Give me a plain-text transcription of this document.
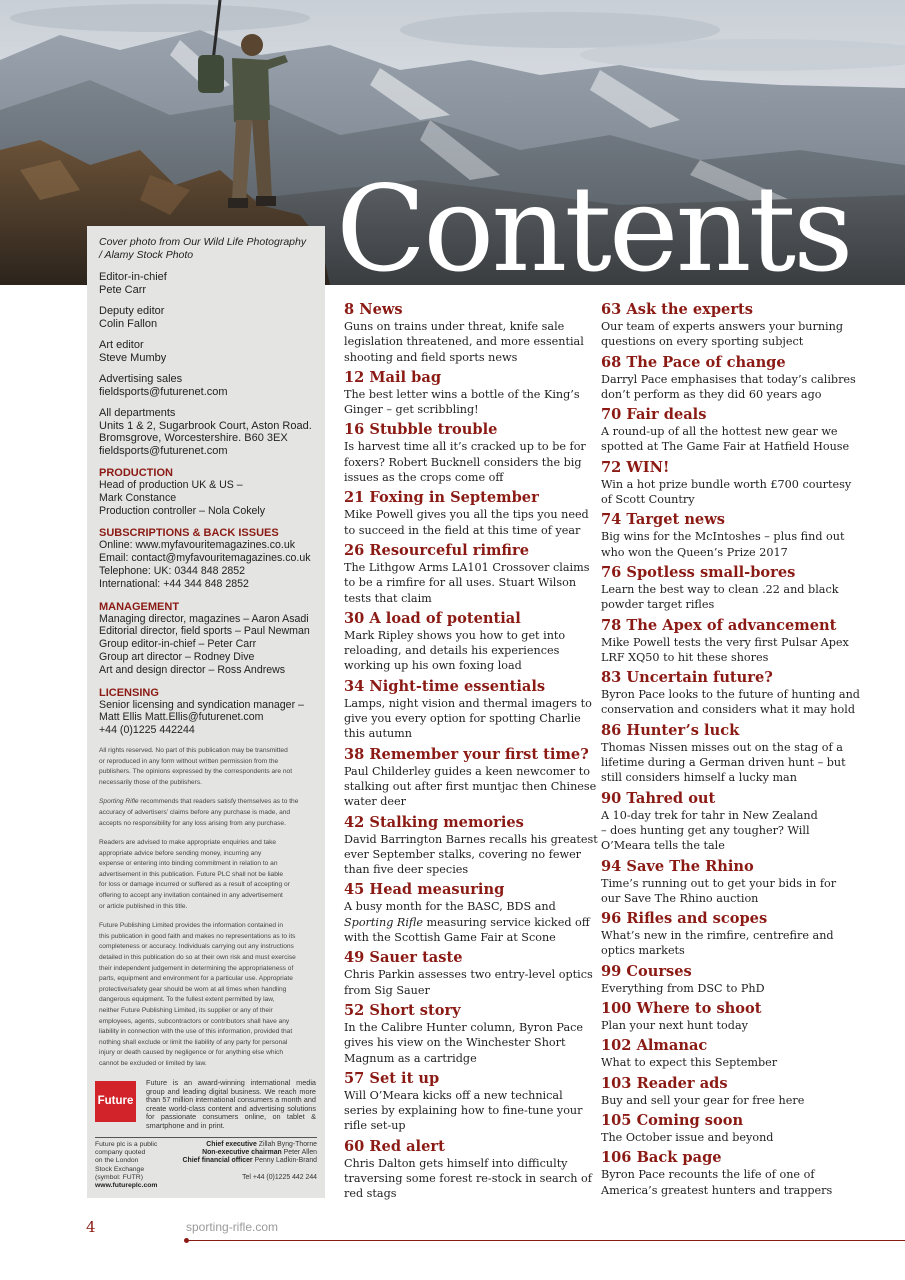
Contents
Cover photo from Our Wild Life Photography
/ Alamy Stock Photo
Editor-in-chief
Pete Carr
Deputy editor
Colin Fallon
Art editor
Steve Mumby
Advertising sales
fieldsports@futurenet.com
All departments
Units 1 & 2, Sugarbrook Court, Aston Road.
Bromsgrove, Worcestershire. B60 3EX
fieldsports@futurenet.com
PRODUCTION
Head of production UK & US –
Mark Constance
Production controller – Nola Cokely
SUBSCRIPTIONS & BACK ISSUES
Online: www.myfavouritemagazines.co.uk
Email: contact@myfavouritemagazines.co.uk
Telephone: UK: 0344 848 2852
International: +44 344 848 2852
MANAGEMENT
Managing director, magazines – Aaron Asadi
Editorial director, field sports – Paul Newman
Group editor-in-chief – Peter Carr
Group art director – Rodney Dive
Art and design director – Ross Andrews
LICENSING
Senior licensing and syndication manager –
Matt Ellis Matt.Ellis@futurenet.com
+44 (0)1225 442244
All rights reserved. No part of this publication may be transmitted
or reproduced in any form without written permission from the
publishers. The opinions expressed by the correspondents are not
necessarily those of the publishers.
Sporting Rifle recommends that readers satisfy themselves as to the
accuracy of advertisers’ claims before any purchase is made, and
accepts no responsibility for any loss arising from any purchase.
Readers are advised to make appropriate enquiries and take
appropriate advice before sending money, incurring any
expense or entering into binding commitment in relation to an
advertisement in this publication. Future PLC shall not be liable
for loss or damage incurred or suffered as a result of accepting or
offering to accept any invitation contained in any advertisement
or article published in this title.
Future Publishing Limited provides the information contained in
this publication in good faith and makes no representations as to its
completeness or accuracy. Individuals carrying out any instructions
detailed in this publication do so at their own risk and must exercise
their independent judgement in determining the appropriateness of
parts, equipment and environment for a particular use. Appropriate
protective/safety gear should be worn at all times when handling
dangerous equipment. To the fullest extent permitted by law,
neither Future Publishing Limited, its supplier or any of their
employees, agents, subcontractors or contributors shall have any
liability in connection with the use of this information, provided that
nothing shall exclude or limit the liability of any party for personal
injury or death caused by negligence or for anything else which
cannot be excluded or limited by law.
Future
Future is an award-winning international media group and leading digital business. We reach more than 57 million international consumers a month and create world-class content and advertising solutions for passionate consumers online, on tablet & smartphone and in print.
Future plc is a public
company quoted
on the London
Stock Exchange
(symbol: FUTR)
www.futureplc.com
Chief executive Zillah Byng-Thorne
Non-executive chairman Peter Allen
Chief financial officer Penny Ladkin-Brand
Tel +44 (0)1225 442 244
8 News
Guns on trains under threat, knife sale
legislation threatened, and more essential
shooting and field sports news
12 Mail bag
The best letter wins a bottle of the King’s
Ginger – get scribbling!
16 Stubble trouble
Is harvest time all it’s cracked up to be for
foxers? Robert Bucknell considers the big
issues as the crops come off
21 Foxing in September
Mike Powell gives you all the tips you need
to succeed in the field at this time of year
26 Resourceful rimfire
The Lithgow Arms LA101 Crossover claims
to be a rimfire for all uses. Stuart Wilson
tests that claim
30 A load of potential
Mark Ripley shows you how to get into
reloading, and details his experiences
working up his own foxing load
34 Night-time essentials
Lamps, night vision and thermal imagers to
give you every option for spotting Charlie
this autumn
38 Remember your first time?
Paul Childerley guides a keen newcomer to
stalking out after first muntjac then Chinese
water deer
42 Stalking memories
David Barrington Barnes recalls his greatest
ever September stalks, covering no fewer
than five deer species
45 Head measuring
A busy month for the BASC, BDS and
Sporting Rifle measuring service kicked off
with the Scottish Game Fair at Scone
49 Sauer taste
Chris Parkin assesses two entry-level optics
from Sig Sauer
52 Short story
In the Calibre Hunter column, Byron Pace
gives his view on the Winchester Short
Magnum as a cartridge
57 Set it up
Will O’Meara kicks off a new technical
series by explaining how to fine-tune your
rifle set-up
60 Red alert
Chris Dalton gets himself into difficulty
traversing some forest re-stock in search of
red stags
63 Ask the experts
Our team of experts answers your burning
questions on every sporting subject
68 The Pace of change
Darryl Pace emphasises that today’s calibres
don’t perform as they did 60 years ago
70 Fair deals
A round-up of all the hottest new gear we
spotted at The Game Fair at Hatfield House
72 WIN!
Win a hot prize bundle worth £700 courtesy
of Scott Country
74 Target news
Big wins for the McIntoshes – plus find out
who won the Queen’s Prize 2017
76 Spotless small-bores
Learn the best way to clean .22 and black
powder target rifles
78 The Apex of advancement
Mike Powell tests the very first Pulsar Apex
LRF XQ50 to hit these shores
83 Uncertain future?
Byron Pace looks to the future of hunting and
conservation and considers what it may hold
86 Hunter’s luck
Thomas Nissen misses out on the stag of a
lifetime during a German driven hunt – but
still considers himself a lucky man
90 Tahred out
A 10-day trek for tahr in New Zealand
– does hunting get any tougher? Will
O’Meara tells the tale
94 Save The Rhino
Time’s running out to get your bids in for
our Save The Rhino auction
96 Rifles and scopes
What’s new in the rimfire, centrefire and
optics markets
99 Courses
Everything from DSC to PhD
100 Where to shoot
Plan your next hunt today
102 Almanac
What to expect this September
103 Reader ads
Buy and sell your gear for free here
105 Coming soon
The October issue and beyond
106 Back page
Byron Pace recounts the life of one of
America’s greatest hunters and trappers
4	sporting-rifle.com
